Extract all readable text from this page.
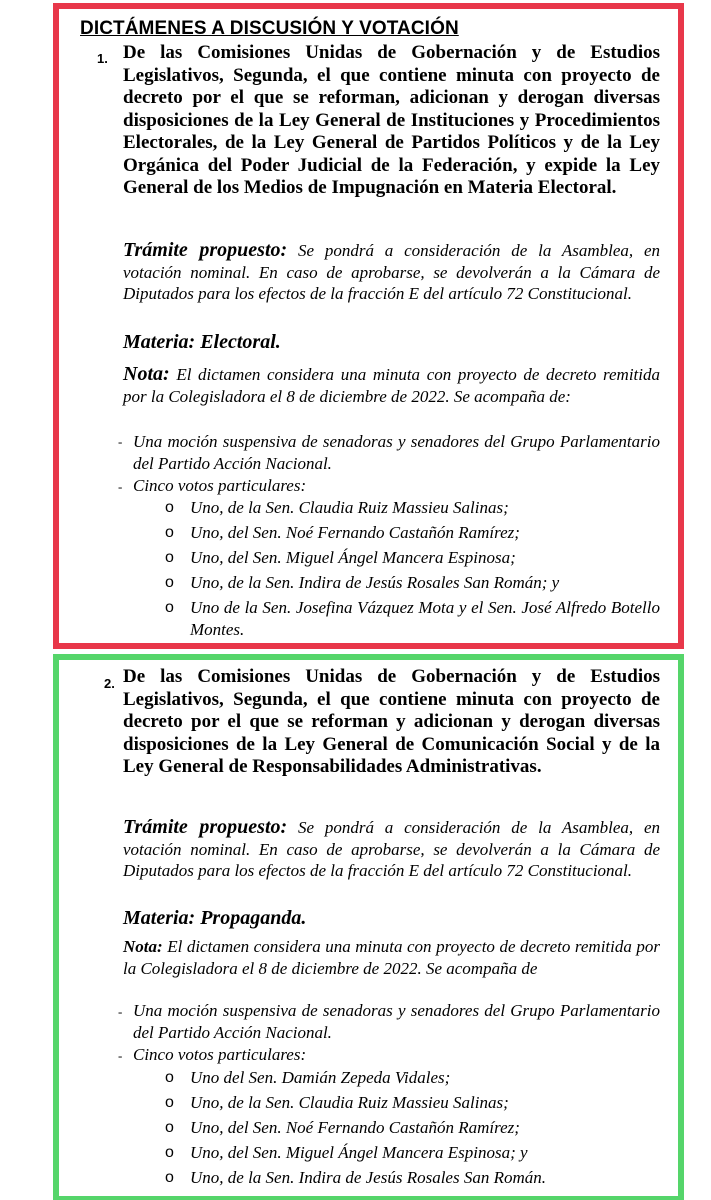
DICTÁMENES A DISCUSIÓN Y VOTACIÓN
1. De las Comisiones Unidas de Gobernación y de Estudios Legislativos, Segunda, el que contiene minuta con proyecto de decreto por el que se reforman, adicionan y derogan diversas disposiciones de la Ley General de Instituciones y Procedimientos Electorales, de la Ley General de Partidos Políticos y de la Ley Orgánica del Poder Judicial de la Federación, y expide la Ley General de los Medios de Impugnación en Materia Electoral.
Trámite propuesto: Se pondrá a consideración de la Asamblea, en votación nominal. En caso de aprobarse, se devolverán a la Cámara de Diputados para los efectos de la fracción E del artículo 72 Constitucional.
Materia: Electoral.
Nota: El dictamen considera una minuta con proyecto de decreto remitida por la Colegisladora el 8 de diciembre de 2022. Se acompaña de:
- Una moción suspensiva de senadoras y senadores del Grupo Parlamentario del Partido Acción Nacional.
- Cinco votos particulares:
o Uno, de la Sen. Claudia Ruiz Massieu Salinas;
o Uno, del Sen. Noé Fernando Castañón Ramírez;
o Uno, del Sen. Miguel Ángel Mancera Espinosa;
o Uno, de la Sen. Indira de Jesús Rosales San Román; y
o Uno de la Sen. Josefina Vázquez Mota y el Sen. José Alfredo Botello Montes.
2. De las Comisiones Unidas de Gobernación y de Estudios Legislativos, Segunda, el que contiene minuta con proyecto de decreto por el que se reforman y adicionan y derogan diversas disposiciones de la Ley General de Comunicación Social y de la Ley General de Responsabilidades Administrativas.
Trámite propuesto: Se pondrá a consideración de la Asamblea, en votación nominal. En caso de aprobarse, se devolverán a la Cámara de Diputados para los efectos de la fracción E del artículo 72 Constitucional.
Materia: Propaganda.
Nota: El dictamen considera una minuta con proyecto de decreto remitida por la Colegisladora el 8 de diciembre de 2022. Se acompaña de
- Una moción suspensiva de senadoras y senadores del Grupo Parlamentario del Partido Acción Nacional.
- Cinco votos particulares:
o Uno del Sen. Damián Zepeda Vidales;
o Uno, de la Sen. Claudia Ruiz Massieu Salinas;
o Uno, del Sen. Noé Fernando Castañón Ramírez;
o Uno, del Sen. Miguel Ángel Mancera Espinosa; y
o Uno, de la Sen. Indira de Jesús Rosales San Román.
